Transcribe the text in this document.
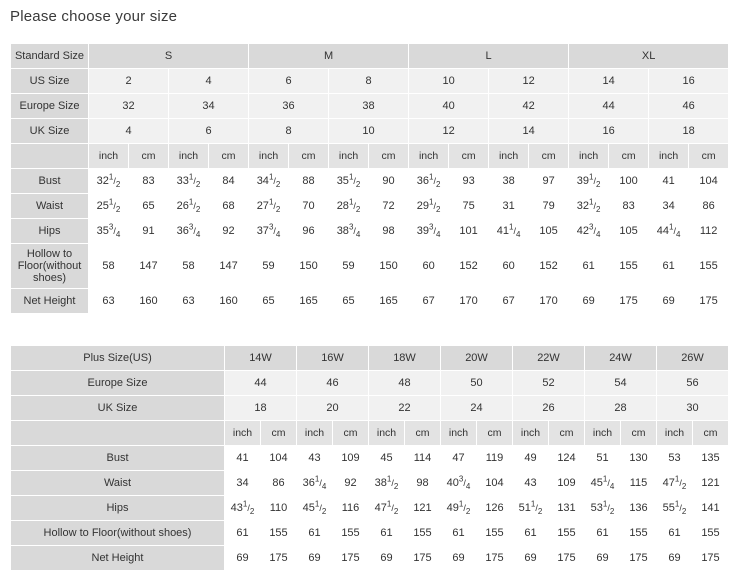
Please choose your size
Standard Size	S				M				L				XL			
US Size	2		4		6		8		10		12		14		16	
Europe Size	32		34		36		38		40		42		44		46	
UK Size	4		6		8		10		12		14		16		18	
	inch	cm	inch	cm	inch	cm	inch	cm	inch	cm	inch	cm	inch	cm	inch	cm
Bust	$32^1/_2$	83	$33^1/_2$	84	$34^1/_2$	88	$35^1/_2$	90	$36^1/_2$	93	38	97	$39^1/_2$	100	41	104
Waist	$25^1/_2$	65	$26^1/_2$	68	$27^1/_2$	70	$28^1/_2$	72	$29^1/_2$	75	31	79	$32^1/_2$	83	34	86
Hips	$35^3/_4$	91	$36^3/_4$	92	$37^3/_4$	96	$38^3/_4$	98	$39^3/_4$	101	$41^1/_4$	105	$42^3/_4$	105	$44^1/_4$	112
Hollow to Floor(without shoes)	58	147	58	147	59	150	59	150	60	152	60	152	61	155	61	155
Net Height	63	160	63	160	65	165	65	165	67	170	67	170	69	175	69	175
Plus Size(US)	14W		16W		18W		20W		22W		24W		26W	
Europe Size	44		46		48		50		52		54		56	
UK Size	18		20		22		24		26		28		30	
	inch	cm	inch	cm	inch	cm	inch	cm	inch	cm	inch	cm	inch	cm
Bust	41	104	43	109	45	114	47	119	49	124	51	130	53	135
Waist	34	86	$36^1/_4$	92	$38^1/_2$	98	$40^3/_4$	104	43	109	$45^1/_4$	115	$47^1/_2$	121
Hips	$43^1/_2$	110	$45^1/_2$	116	$47^1/_2$	121	$49^1/_2$	126	$51^1/_2$	131	$53^1/_2$	136	$55^1/_2$	141
Hollow to Floor(without shoes)	61	155	61	155	61	155	61	155	61	155	61	155	61	155
Net Height	69	175	69	175	69	175	69	175	69	175	69	175	69	175
